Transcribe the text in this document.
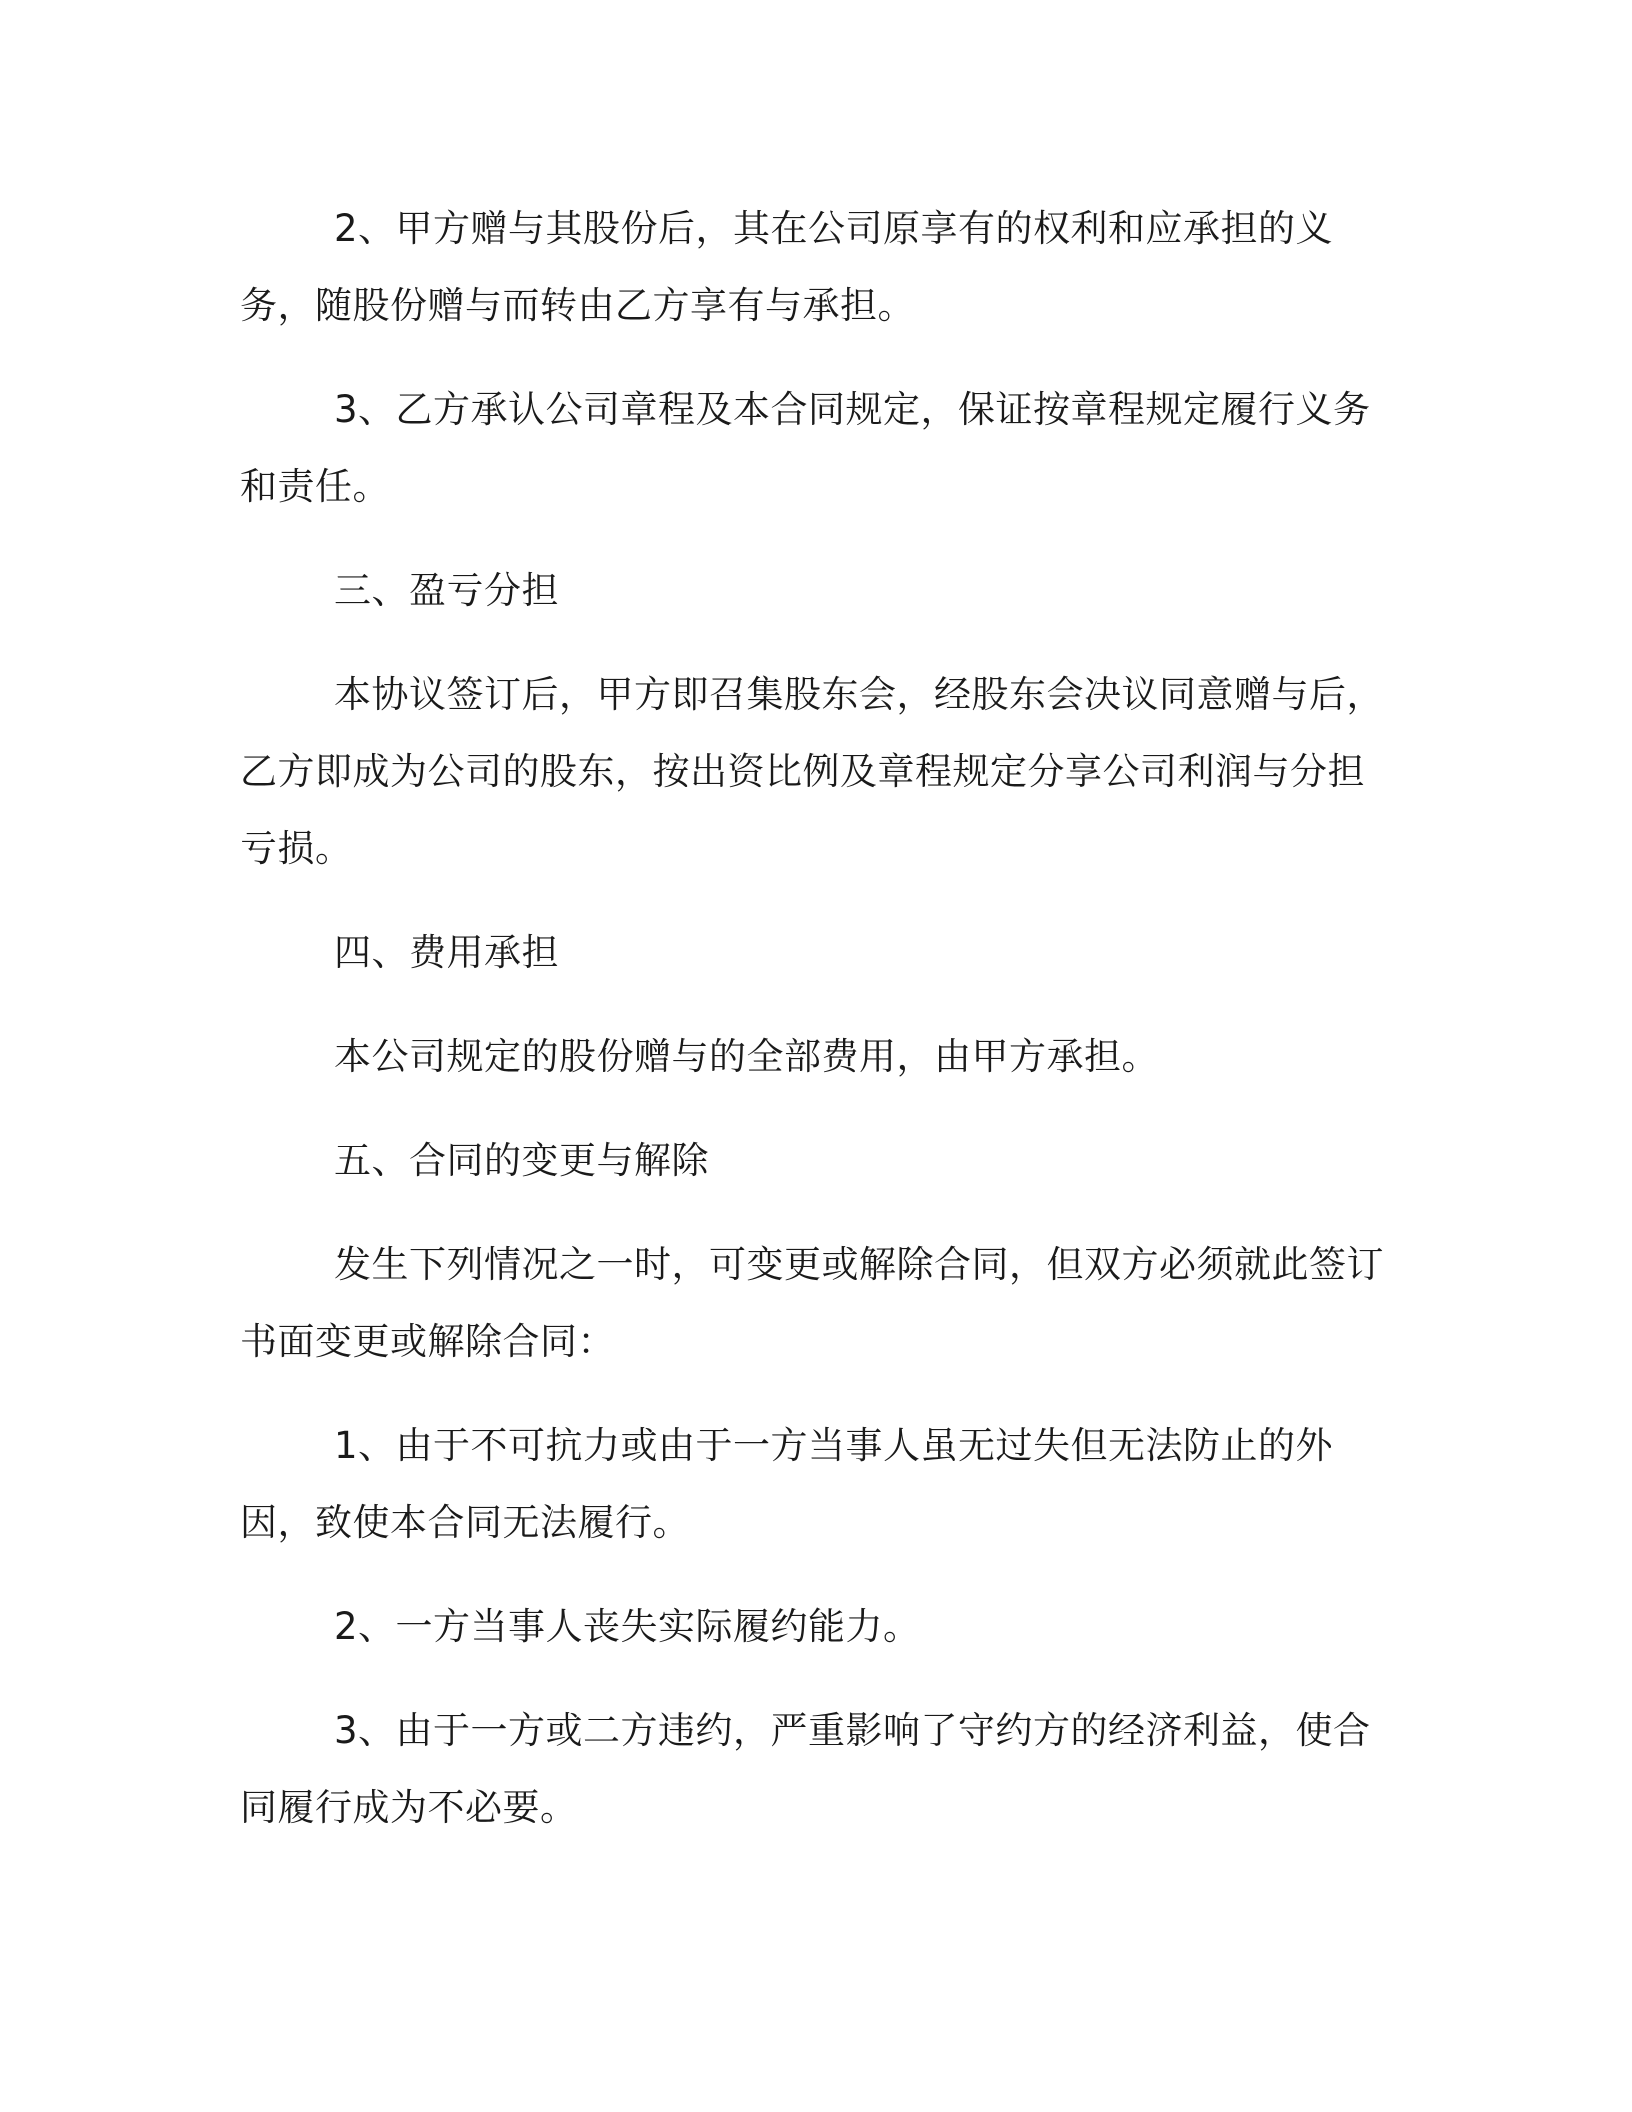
2、甲方赠与其股份后，其在公司原享有的权利和应承担的义务，随股份赠与而转由乙方享有与承担。

3、乙方承认公司章程及本合同规定，保证按章程规定履行义务和责任。

三、盈亏分担

本协议签订后，甲方即召集股东会，经股东会决议同意赠与后，乙方即成为公司的股东，按出资比例及章程规定分享公司利润与分担亏损。

四、费用承担

本公司规定的股份赠与的全部费用，由甲方承担。

五、合同的变更与解除

发生下列情况之一时，可变更或解除合同，但双方必须就此签订书面变更或解除合同：

1、由于不可抗力或由于一方当事人虽无过失但无法防止的外因，致使本合同无法履行。

2、一方当事人丧失实际履约能力。

3、由于一方或二方违约，严重影响了守约方的经济利益，使合同履行成为不必要。
